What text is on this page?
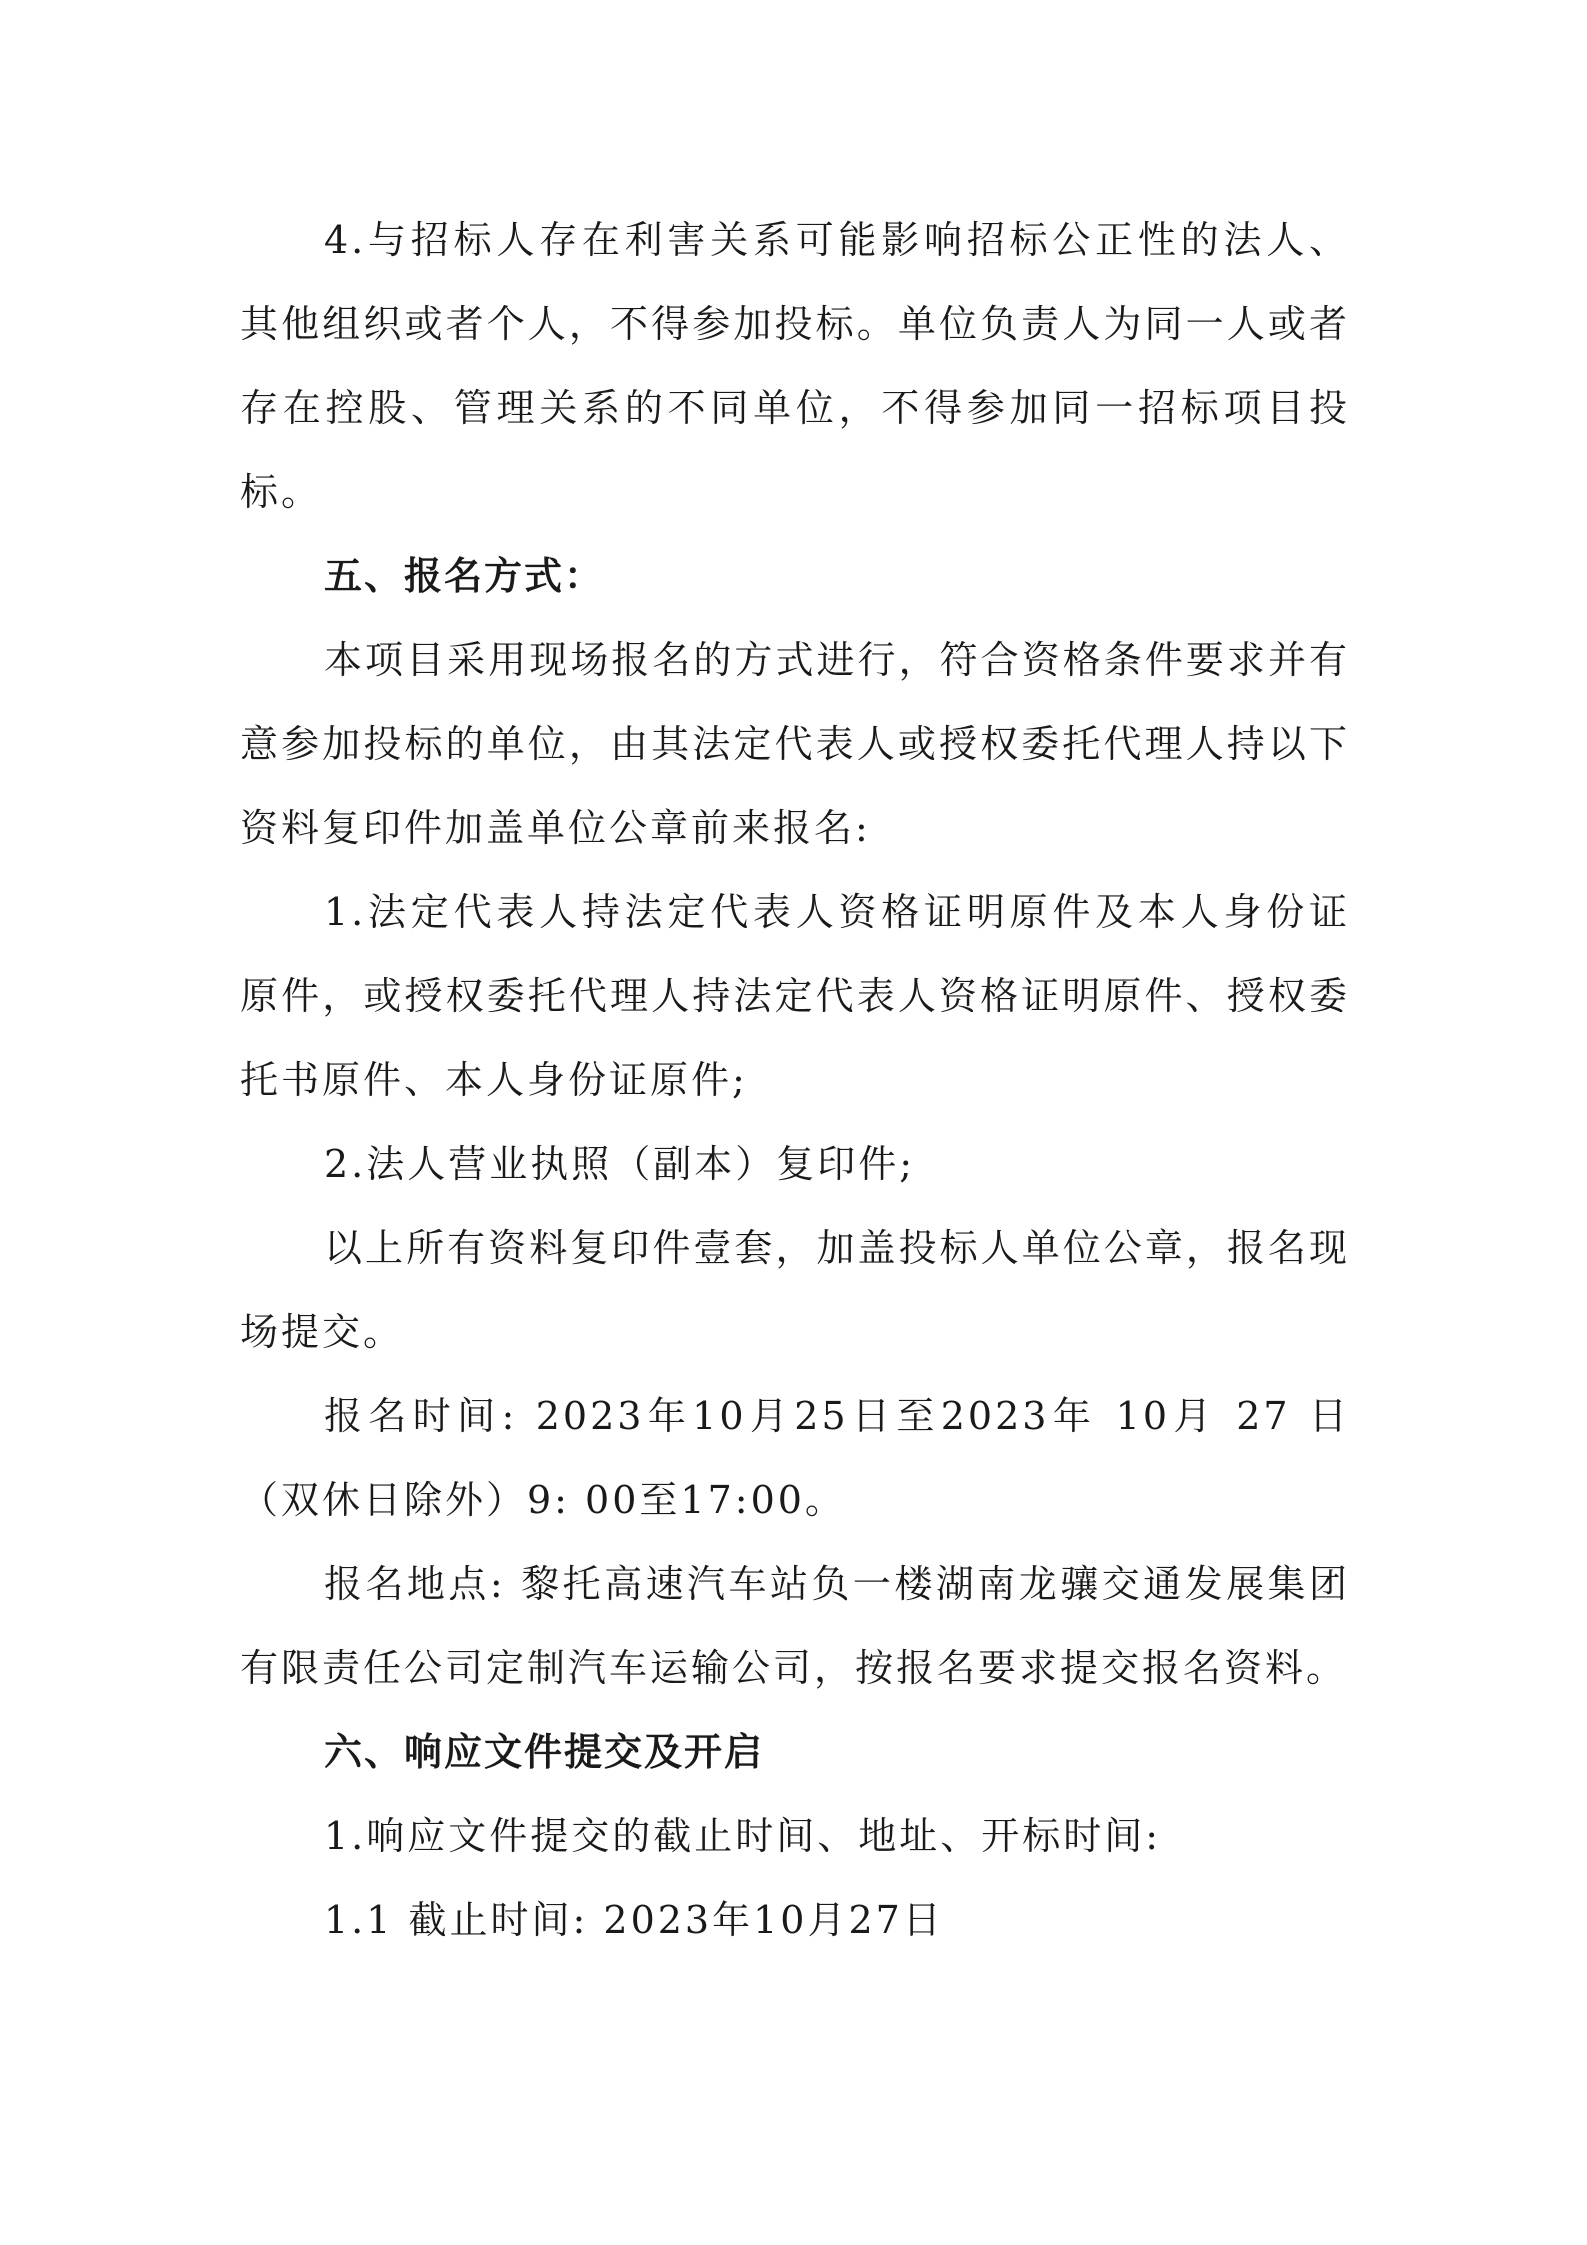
4.与招标人存在利害关系可能影响招标公正性的法人、其他组织或者个人，不得参加投标。单位负责人为同一人或者存在控股、管理关系的不同单位，不得参加同一招标项目投标。

五、报名方式：

本项目采用现场报名的方式进行，符合资格条件要求并有意参加投标的单位，由其法定代表人或授权委托代理人持以下资料复印件加盖单位公章前来报名:

1.法定代表人持法定代表人资格证明原件及本人身份证原件，或授权委托代理人持法定代表人资格证明原件、授权委托书原件、本人身份证原件;

2.法人营业执照（副本）复印件;

以上所有资料复印件壹套，加盖投标人单位公章，报名现场提交。

报名时间: 2023年10月25日至2023年 10月 27 日（双休日除外）9: 00至17:00。

报名地点: 黎托高速汽车站负一楼湖南龙骧交通发展集团有限责任公司定制汽车运输公司，按报名要求提交报名资料。

六、响应文件提交及开启

1.响应文件提交的截止时间、地址、开标时间:

1.1 截止时间: 2023年10月27日
